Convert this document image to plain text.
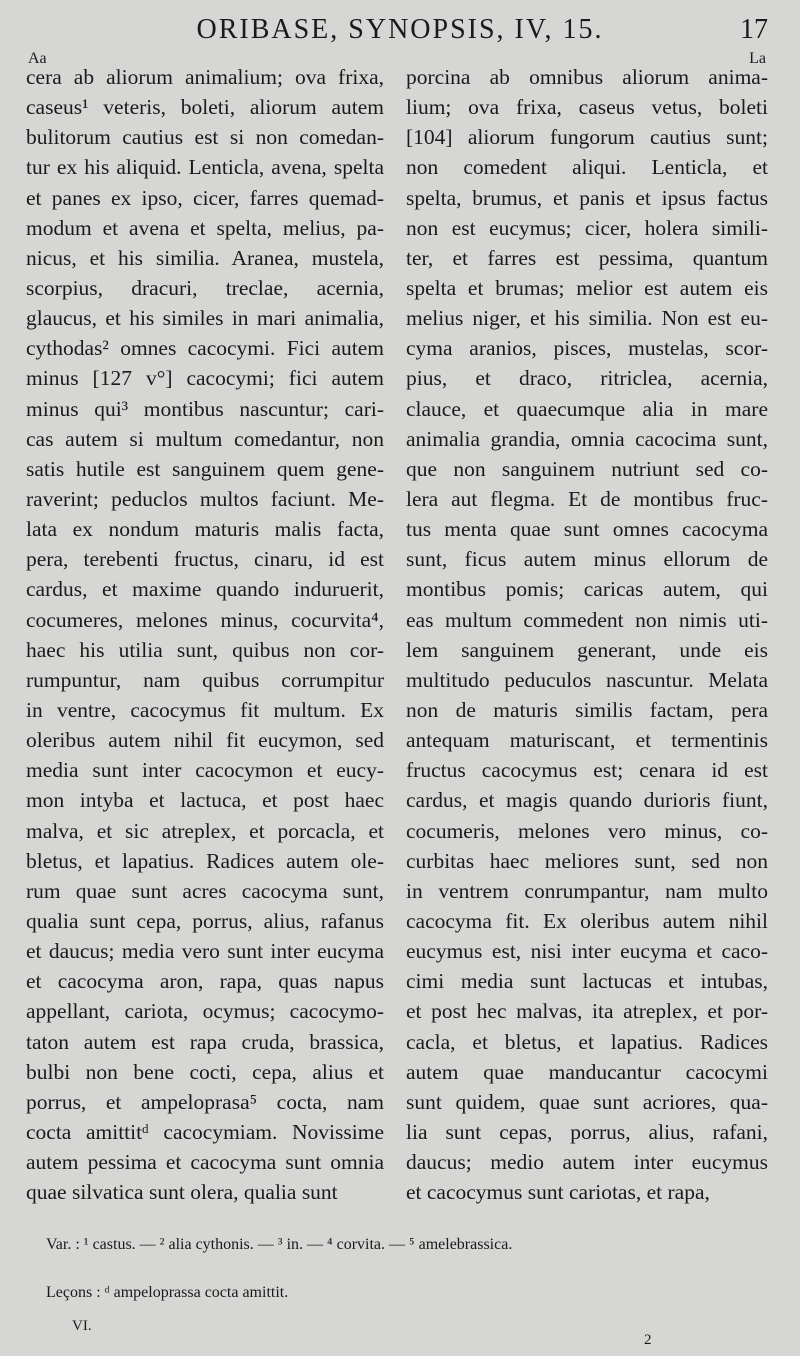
ORIBASE, SYNOPSIS, IV, 15.	17
Aa	La
cera ab aliorum animalium; ova frixa,
caseus¹ veteris, boleti, aliorum autem
bulitorum cautius est si non comedan-
tur ex his aliquid. Lenticla, avena, spelta
et panes ex ipso, cicer, farres quemad-
modum et avena et spelta, melius, pa-
nicus, et his similia. Aranea, mustela,
scorpius, dracuri, treclae, acernia,
glaucus, et his similes in mari animalia,
cythodas² omnes cacocymi. Fici autem
minus [127 v°] cacocymi; fici autem
minus qui³ montibus nascuntur; cari-
cas autem si multum comedantur, non
satis hutile est sanguinem quem gene-
raverint; peduclos multos faciunt. Me-
lata ex nondum maturis malis facta,
pera, terebenti fructus, cinaru, id est
cardus, et maxime quando induruerit,
cocumeres, melones minus, cocurvita⁴,
haec his utilia sunt, quibus non cor-
rumpuntur, nam quibus corrumpitur
in ventre, cacocymus fit multum. Ex
oleribus autem nihil fit eucymon, sed
media sunt inter cacocymon et eucy-
mon intyba et lactuca, et post haec
malva, et sic atreplex, et porcacla, et
bletus, et lapatius. Radices autem ole-
rum quae sunt acres cacocyma sunt,
qualia sunt cepa, porrus, alius, rafanus
et daucus; media vero sunt inter eucyma
et cacocyma aron, rapa, quas napus
appellant, cariota, ocymus; cacocymo-
taton autem est rapa cruda, brassica,
bulbi non bene cocti, cepa, alius et
porrus, et ampeloprasa⁵ cocta, nam
cocta amittitᵈ cacocymiam. Novissime
autem pessima et cacocyma sunt omnia
quae silvatica sunt olera, qualia sunt
porcina ab omnibus aliorum anima-
lium; ova frixa, caseus vetus, boleti
[104] aliorum fungorum cautius sunt;
non comedent aliqui. Lenticla, et
spelta, brumus, et panis et ipsus factus
non est eucymus; cicer, holera simili-
ter, et farres est pessima, quantum
spelta et brumas; melior est autem eis
melius niger, et his similia. Non est eu-
cyma aranios, pisces, mustelas, scor-
pius, et draco, ritriclea, acernia,
clauce, et quaecumque alia in mare
animalia grandia, omnia cacocima sunt,
que non sanguinem nutriunt sed co-
lera aut flegma. Et de montibus fruc-
tus menta quae sunt omnes cacocyma
sunt, ficus autem minus ellorum de
montibus pomis; caricas autem, qui
eas multum commedent non nimis uti-
lem sanguinem generant, unde eis
multitudo peduculos nascuntur. Melata
non de maturis similis factam, pera
antequam maturiscant, et termentinis
fructus cacocymus est; cenara id est
cardus, et magis quando durioris fiunt,
cocumeris, melones vero minus, co-
curbitas haec meliores sunt, sed non
in ventrem conrumpantur, nam multo
cacocyma fit. Ex oleribus autem nihil
eucymus est, nisi inter eucyma et caco-
cimi media sunt lactucas et intubas,
et post hec malvas, ita atreplex, et por-
cacla, et bletus, et lapatius. Radices
autem quae manducantur cacocymi
sunt quidem, quae sunt acriores, qua-
lia sunt cepas, porrus, alius, rafani,
daucus; medio autem inter eucymus
et cacocymus sunt cariotas, et rapa,
Var. : ¹ castus. — ² alia cythonis. — ³ in. — ⁴ corvita. — ⁵ amelebrassica.
Leçons : ᵈ ampeloprassa cocta amittit.
VI.
2
